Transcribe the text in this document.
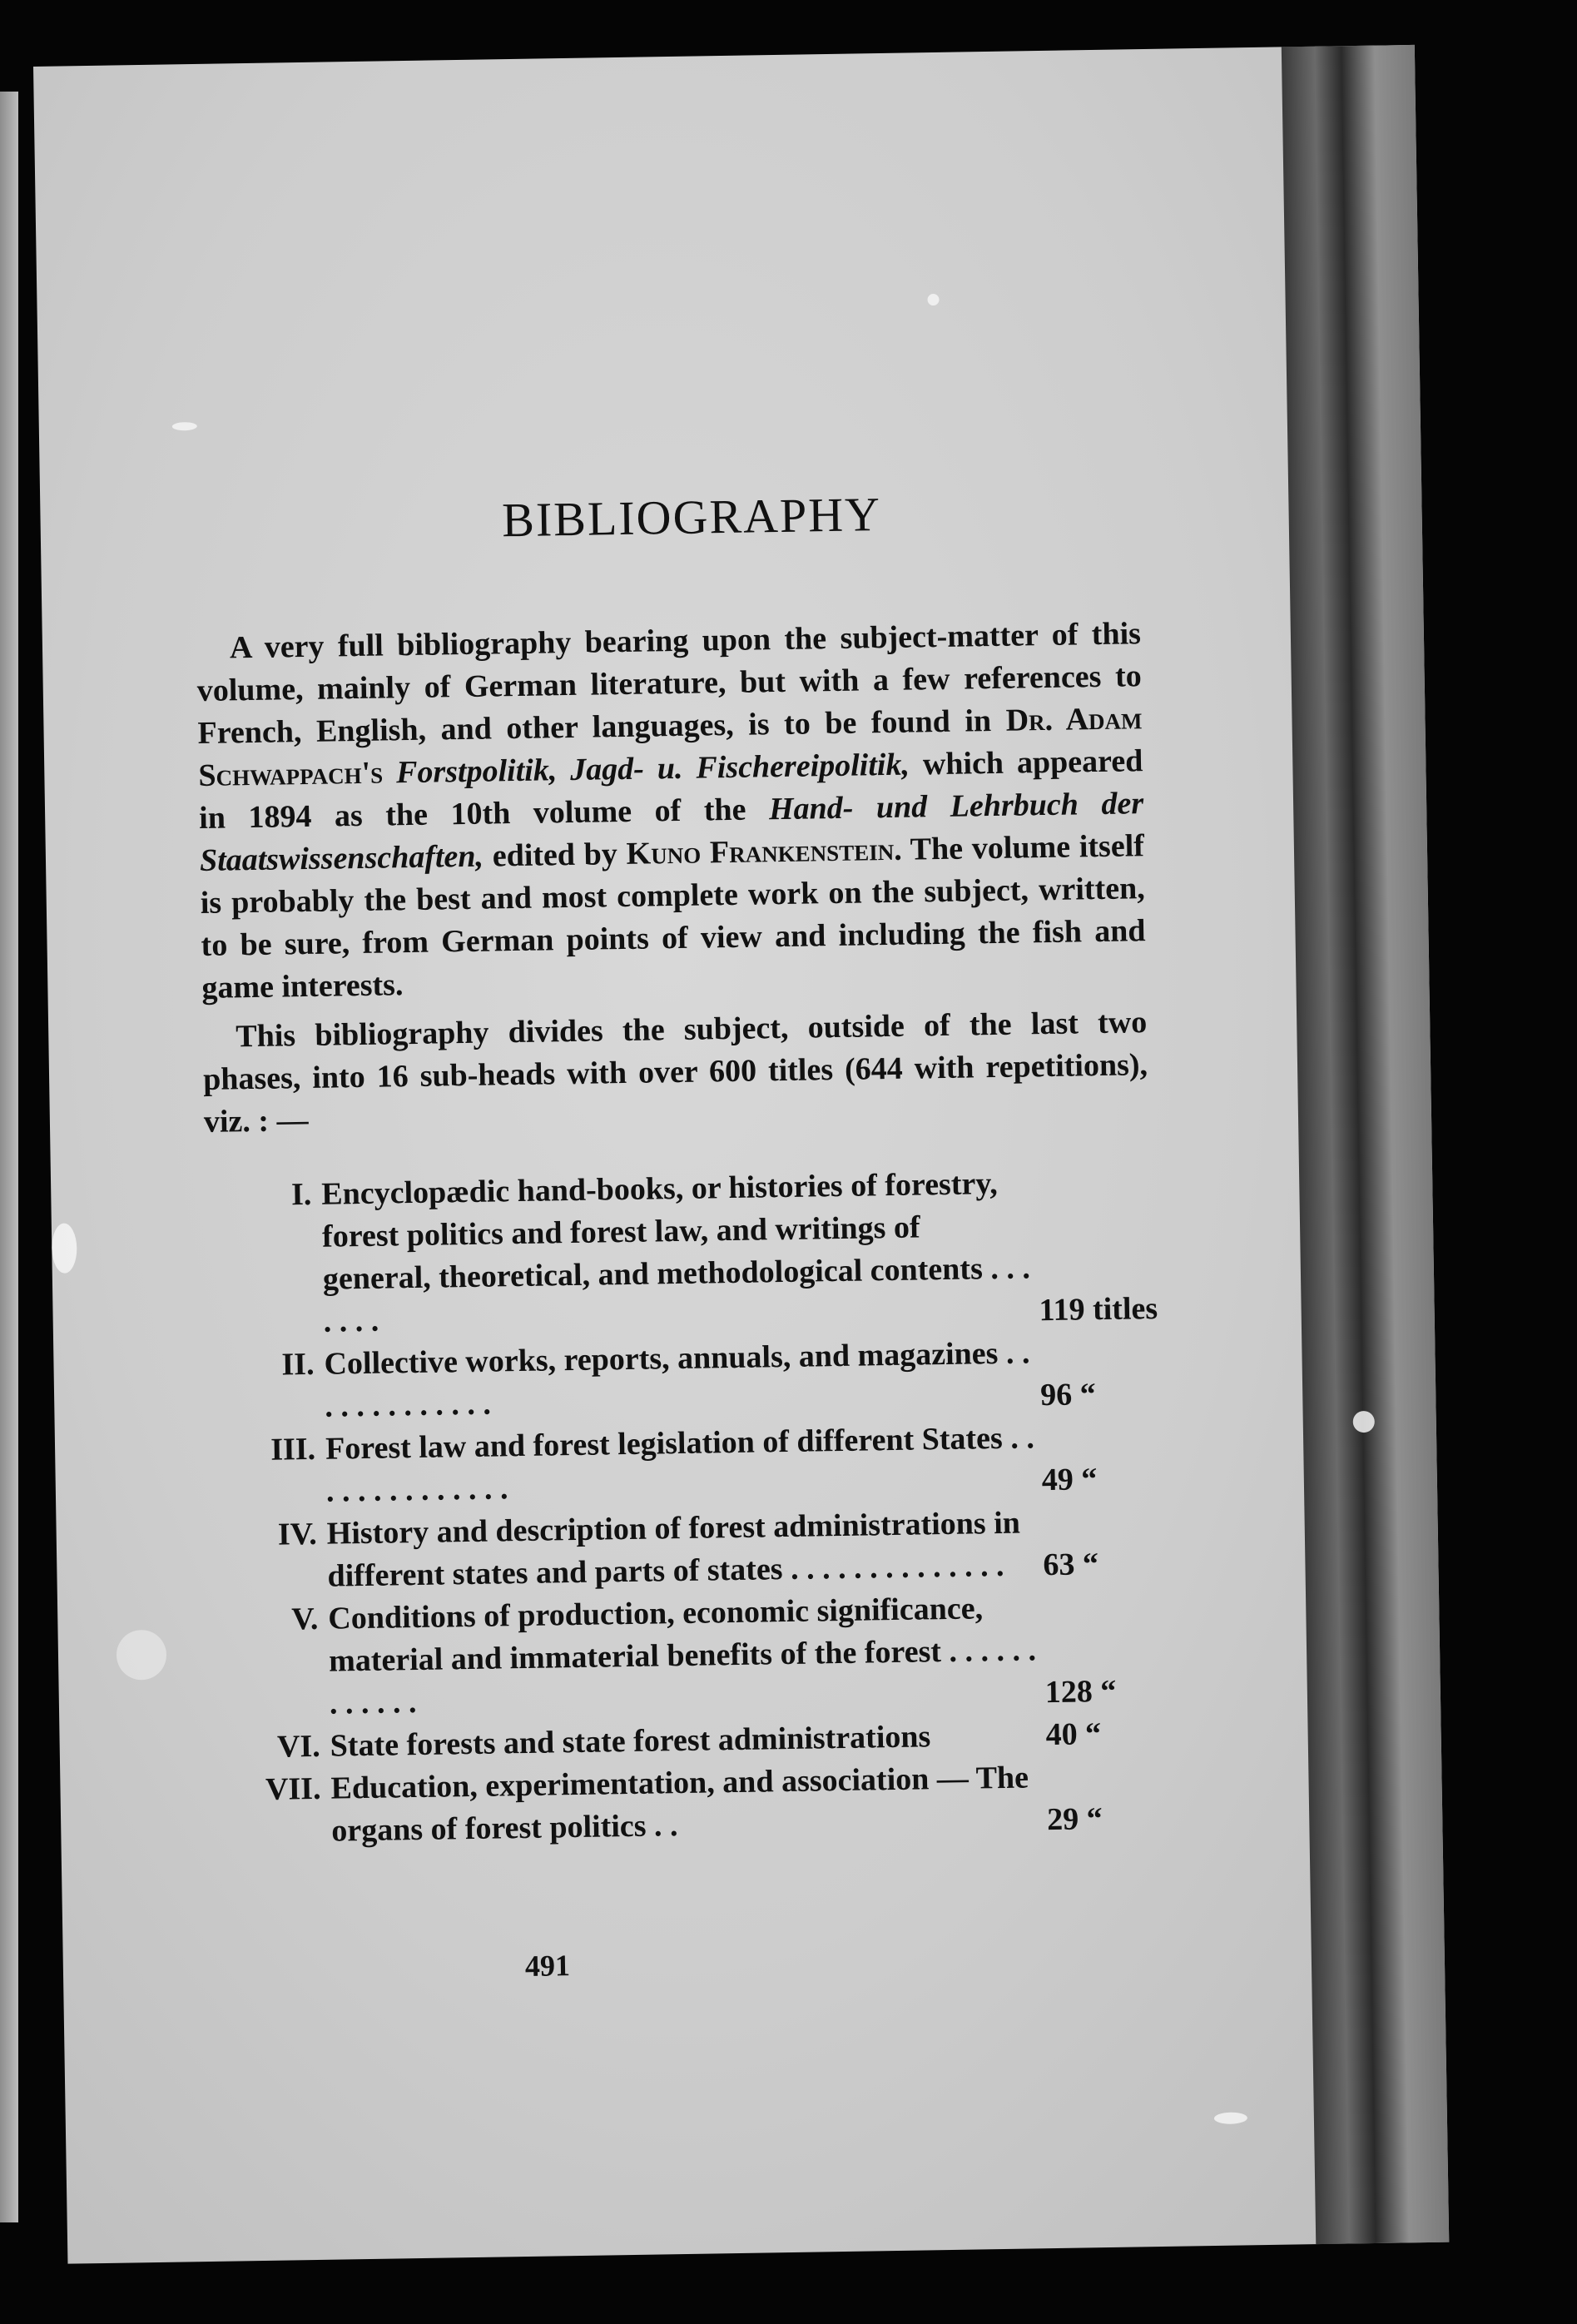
BIBLIOGRAPHY

A very full bibliography bearing upon the subject-matter of this volume, mainly of German literature, but with a few references to French, English, and other languages, is to be found in Dr. Adam Schwappach's Forstpolitik, Jagd- u. Fischereipolitik, which appeared in 1894 as the 10th volume of the Hand- und Lehrbuch der Staatswissenschaften, edited by Kuno Frankenstein. The volume itself is probably the best and most complete work on the subject, written, to be sure, from German points of view and including the fish and game interests.

This bibliography divides the subject, outside of the last two phases, into 16 sub-heads with over 600 titles (644 with repetitions), viz. : —

I. Encyclopædic hand-books, or histories of forestry, forest politics and forest law, and writings of general, theoretical, and methodological contents . . . . . . .	119 titles
II. Collective works, reports, annuals, and magazines . . . . . . . . . . . . .	96 “
III. Forest law and forest legislation of different States . . . . . . . . . . . . . .	49 “
IV. History and description of forest administrations in different states and parts of states . . . . . . . . . . . . . .	63 “
V. Conditions of production, economic significance, material and immaterial benefits of the forest . . . . . . . . . . . .	128 “
VI. State forests and state forest administrations	40 “
VII. Education, experimentation, and association — The organs of forest politics . .	29 “
491
